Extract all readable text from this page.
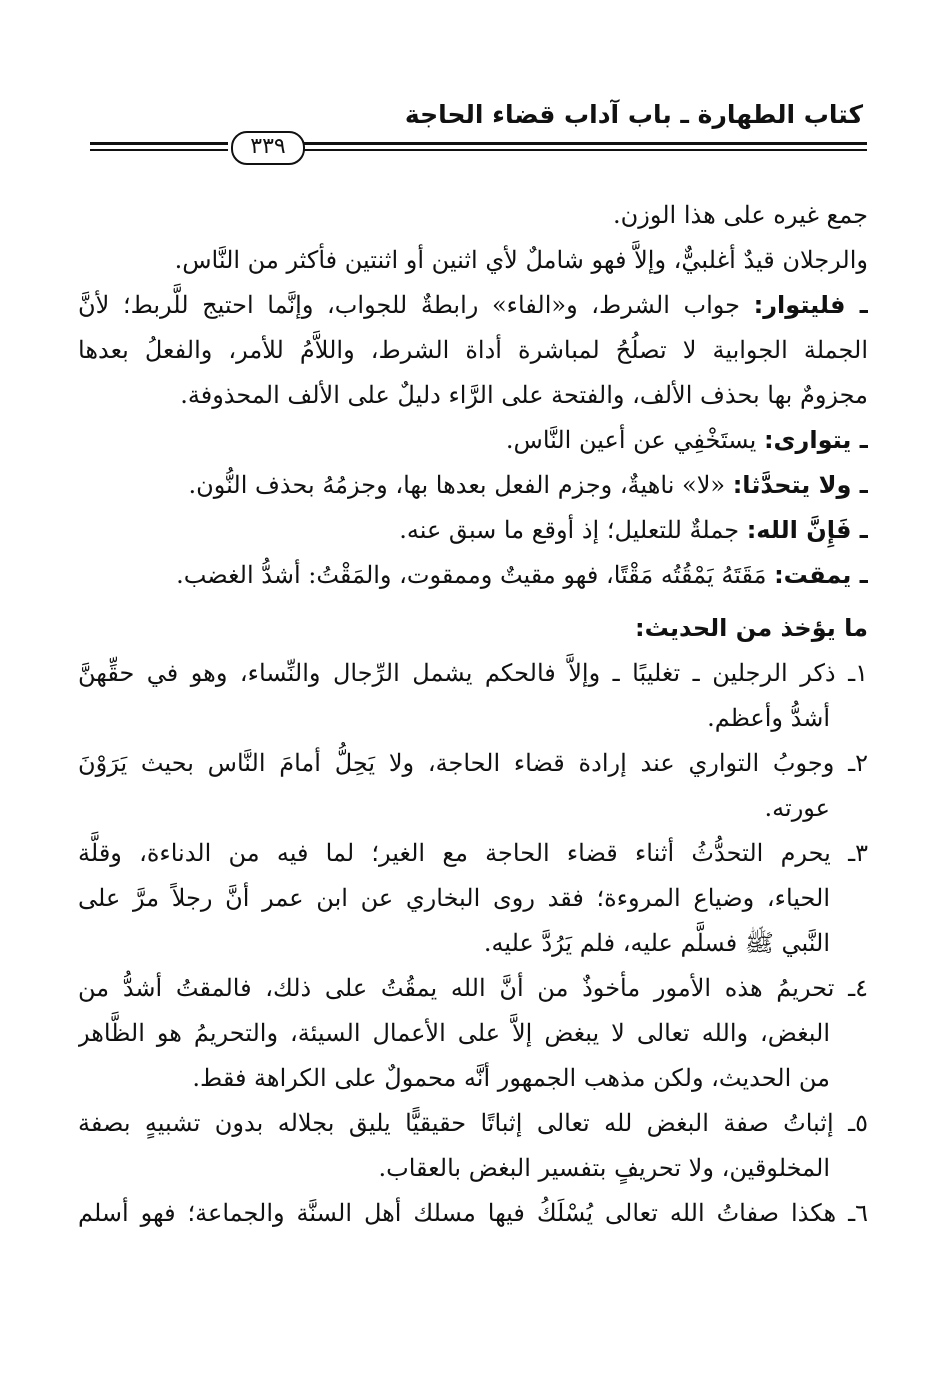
كتاب الطهارة ـ باب آداب قضاء الحاجة
٣٣٩
جمع غيره على هذا الوزن.
والرجلان قيدٌ أغلبيٌّ، وإلاَّ فهو شاملٌ لأي اثنين أو اثنتين فأكثر من النَّاس.
ـ فليتوار: جواب الشرط، و«الفاء» رابطةٌ للجواب، وإنَّما احتيج للَّربط؛ لأنَّ
الجملة الجوابية لا تصلُحُ لمباشرة أداة الشرط، واللاَّمُ للأمر، والفعلُ بعدها
مجزومٌ بها بحذف الألف، والفتحة على الرَّاء دليلٌ على الألف المحذوفة.
ـ يتوارى: يستَخْفِي عن أعين النَّاس.
ـ ولا يتحدَّثا: «لا» ناهيةٌ، وجزم الفعل بعدها بها، وجزمُهُ بحذف النُّون.
ـ فَإِنَّ الله: جملةٌ للتعليل؛ إذ أوقع ما سبق عنه.
ـ يمقت: مَقَتَهُ يَمْقُتُه مَقْتًا، فهو مقيتٌ وممقوت، والمَقْتُ: أشدُّ الغضب.
ما يؤخذ من الحديث:
١ـ ذكر الرجلين ـ تغليبًا ـ وإلاَّ فالحكم يشمل الرِّجال والنِّساء، وهو في حقِّهنَّ
أشدُّ وأعظم.
٢ـ وجوبُ التواري عند إرادة قضاء الحاجة، ولا يَحِلُّ أمامَ النَّاس بحيث يَرَوْنَ
عورته.
٣ـ يحرم التحدُّثُ أثناء قضاء الحاجة مع الغير؛ لما فيه من الدناءة، وقلَّة
الحياء، وضياع المروءة؛ فقد روى البخاري عن ابن عمر أنَّ رجلاً مرَّ على
النَّبي ﷺ فسلَّم عليه، فلم يَرُدَّ عليه.
٤ـ تحريمُ هذه الأمور مأخوذٌ من أنَّ الله يمقُتُ على ذلك، فالمقتُ أشدُّ من
البغض، والله تعالى لا يبغض إلاَّ على الأعمال السيئة، والتحريمُ هو الظَّاهر
من الحديث، ولكن مذهب الجمهور أنَّه محمولٌ على الكراهة فقط.
٥ـ إثباتُ صفة البغض لله تعالى إثباتًا حقيقيًّا يليق بجلاله بدون تشبيهٍ بصفة
المخلوقين، ولا تحريفٍ بتفسير البغض بالعقاب.
٦ـ هكذا صفاتُ الله تعالى يُسْلَكُ فيها مسلك أهل السنَّة والجماعة؛ فهو أسلم
